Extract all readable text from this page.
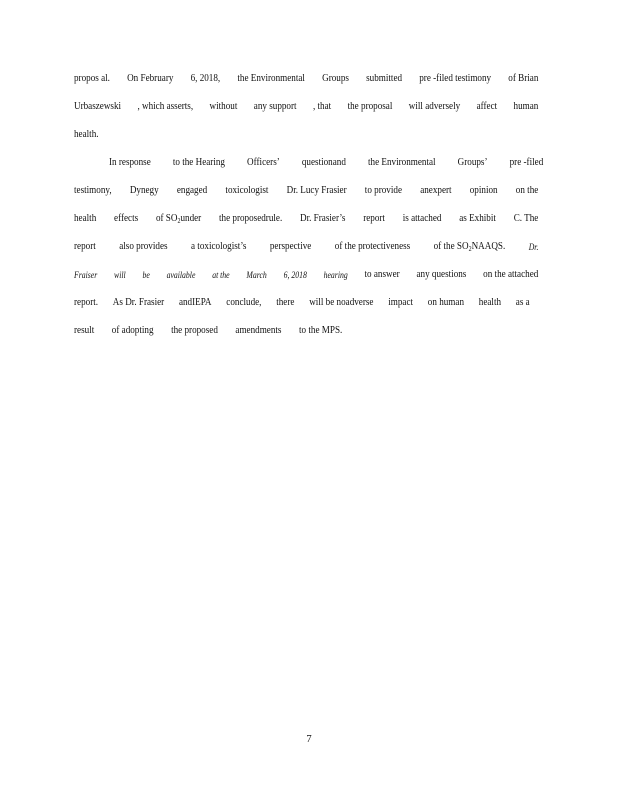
propos al. On February 6, 2018, the Environmental Groups submitted pre -filed testimony of Brian
Urbaszewski , which asserts, without any support , that the proposal will adversely affect human
health.
In response to the Hearing Officers’ questionand the Environmental Groups’ pre -filed
testimony, Dynegy engaged toxicologist Dr. Lucy Frasier to provide anexpert opinion on the
health effects of $SO_2under$ the proposedrule. Dr. Frasier’s report is attached as Exhibit C. The
report also provides a toxicologist’s perspective of the protectiveness of the $SO_2NAAQS$.	Dr.
Fraiser will be available at the March 6, 2018 hearing to answer any questions on the attached
report. As Dr. Frasier andIEPA conclude, there will be noadverse impact on human health as a
result of adopting the proposed amendments to the MPS.
7
